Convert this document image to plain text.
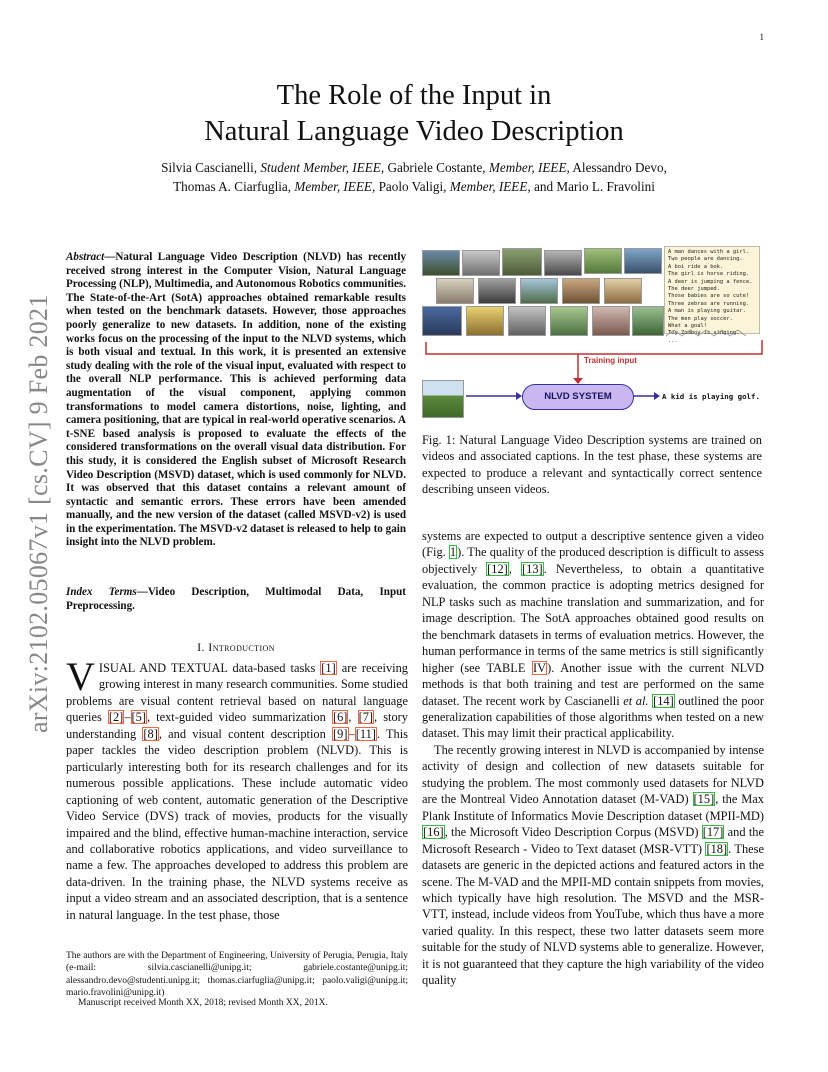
1
arXiv:2102.05067v1 [cs.CV] 9 Feb 2021
The Role of the Input in
Natural Language Video Description
Silvia Cascianelli, Student Member, IEEE, Gabriele Costante, Member, IEEE, Alessandro Devo,
Thomas A. Ciarfuglia, Member, IEEE, Paolo Valigi, Member, IEEE, and Mario L. Fravolini
Abstract—Natural Language Video Description (NLVD) has recently received strong interest in the Computer Vision, Natural Language Processing (NLP), Multimedia, and Autonomous Robotics communities. The State-of-the-Art (SotA) approaches obtained remarkable results when tested on the benchmark datasets. However, those approaches poorly generalize to new datasets. In addition, none of the existing works focus on the processing of the input to the NLVD systems, which is both visual and textual. In this work, it is presented an extensive study dealing with the role of the visual input, evaluated with respect to the overall NLP performance. This is achieved performing data augmentation of the visual component, applying common transformations to model camera distortions, noise, lighting, and camera positioning, that are typical in real-world operative scenarios. A t-SNE based analysis is proposed to evaluate the effects of the considered transformations on the overall visual data distribution. For this study, it is considered the English subset of Microsoft Research Video Description (MSVD) dataset, which is used commonly for NLVD. It was observed that this dataset contains a relevant amount of syntactic and semantic errors. These errors have been amended manually, and the new version of the dataset (called MSVD-v2) is used in the experimentation. The MSVD-v2 dataset is released to help to gain insight into the NLVD problem.
Index Terms—Video Description, Multimodal Data, Input Preprocessing.
I. Introduction
VISUAL AND TEXTUAL data-based tasks [1] are receiving growing interest in many research communities. Some studied problems are visual content retrieval based on natural language queries [2]–[5], text-guided video summarization [6], [7], story understanding [8], and visual content description [9]–[11]. This paper tackles the video description problem (NLVD). This is particularly interesting both for its research challenges and for its numerous possible applications. These include automatic video captioning of web content, automatic generation of the Descriptive Video Service (DVS) track of movies, products for the visually impaired and the blind, effective human-machine interaction, service and collaborative robotics applications, and video surveillance to name a few. The approaches developed to address this problem are data-driven. In the training phase, the NLVD systems receive as input a video stream and an associated description, that is a sentence in natural language. In the test phase, those
The authors are with the Department of Engineering, University of Perugia, Perugia, Italy (e-mail: silvia.cascianelli@unipg.it; gabriele.costante@unipg.it; alessandro.devo@studenti.unipg.it; thomas.ciarfuglia@unipg.it; paolo.valigi@unipg.it; mario.fravolini@unipg.it)
Manuscript received Month XX, 2018; revised Month XX, 201X.
A man dances with a girl.
Two people are dancing.
A boi ride a bok.
The girl is horse riding.
A deer is jumping a fence.
The deer jumped.
Those babies are so cute!
Three zebras are running.
A man is playing guitar.
The men play soccer.
What a goal!
Toy Zomboy is singing.
...
Training input
NLVD SYSTEM	A kid is playing golf.
Fig. 1: Natural Language Video Description systems are trained on videos and associated captions. In the test phase, these systems are expected to produce a relevant and syntactically correct sentence describing unseen videos.

systems are expected to output a descriptive sentence given a video (Fig. 1). The quality of the produced description is difficult to assess objectively [12], [13]. Nevertheless, to obtain a quantitative evaluation, the common practice is adopting metrics designed for NLP tasks such as machine translation and summarization, and for image description. The SotA approaches obtained good results on the benchmark datasets in terms of evaluation metrics. However, the human performance in terms of the same metrics is still significantly higher (see TABLE IV). Another issue with the current NLVD methods is that both training and test are performed on the same dataset. The recent work by Cascianelli et al. [14] outlined the poor generalization capabilities of those algorithms when tested on a new dataset. This may limit their practical applicability.

The recently growing interest in NLVD is accompanied by intense activity of design and collection of new datasets suitable for studying the problem. The most commonly used datasets for NLVD are the Montreal Video Annotation dataset (M-VAD) [15], the Max Plank Institute of Informatics Movie Description dataset (MPII-MD) [16], the Microsoft Video Description Corpus (MSVD) [17] and the Microsoft Research - Video to Text dataset (MSR-VTT) [18]. These datasets are generic in the depicted actions and featured actors in the scene. The M-VAD and the MPII-MD contain snippets from movies, which typically have high resolution. The MSVD and the MSR-VTT, instead, include videos from YouTube, which thus have a more varied quality. In this respect, these two latter datasets seem more suitable for the study of NLVD systems able to generalize. However, it is not guaranteed that they capture the high variability of the video quality
